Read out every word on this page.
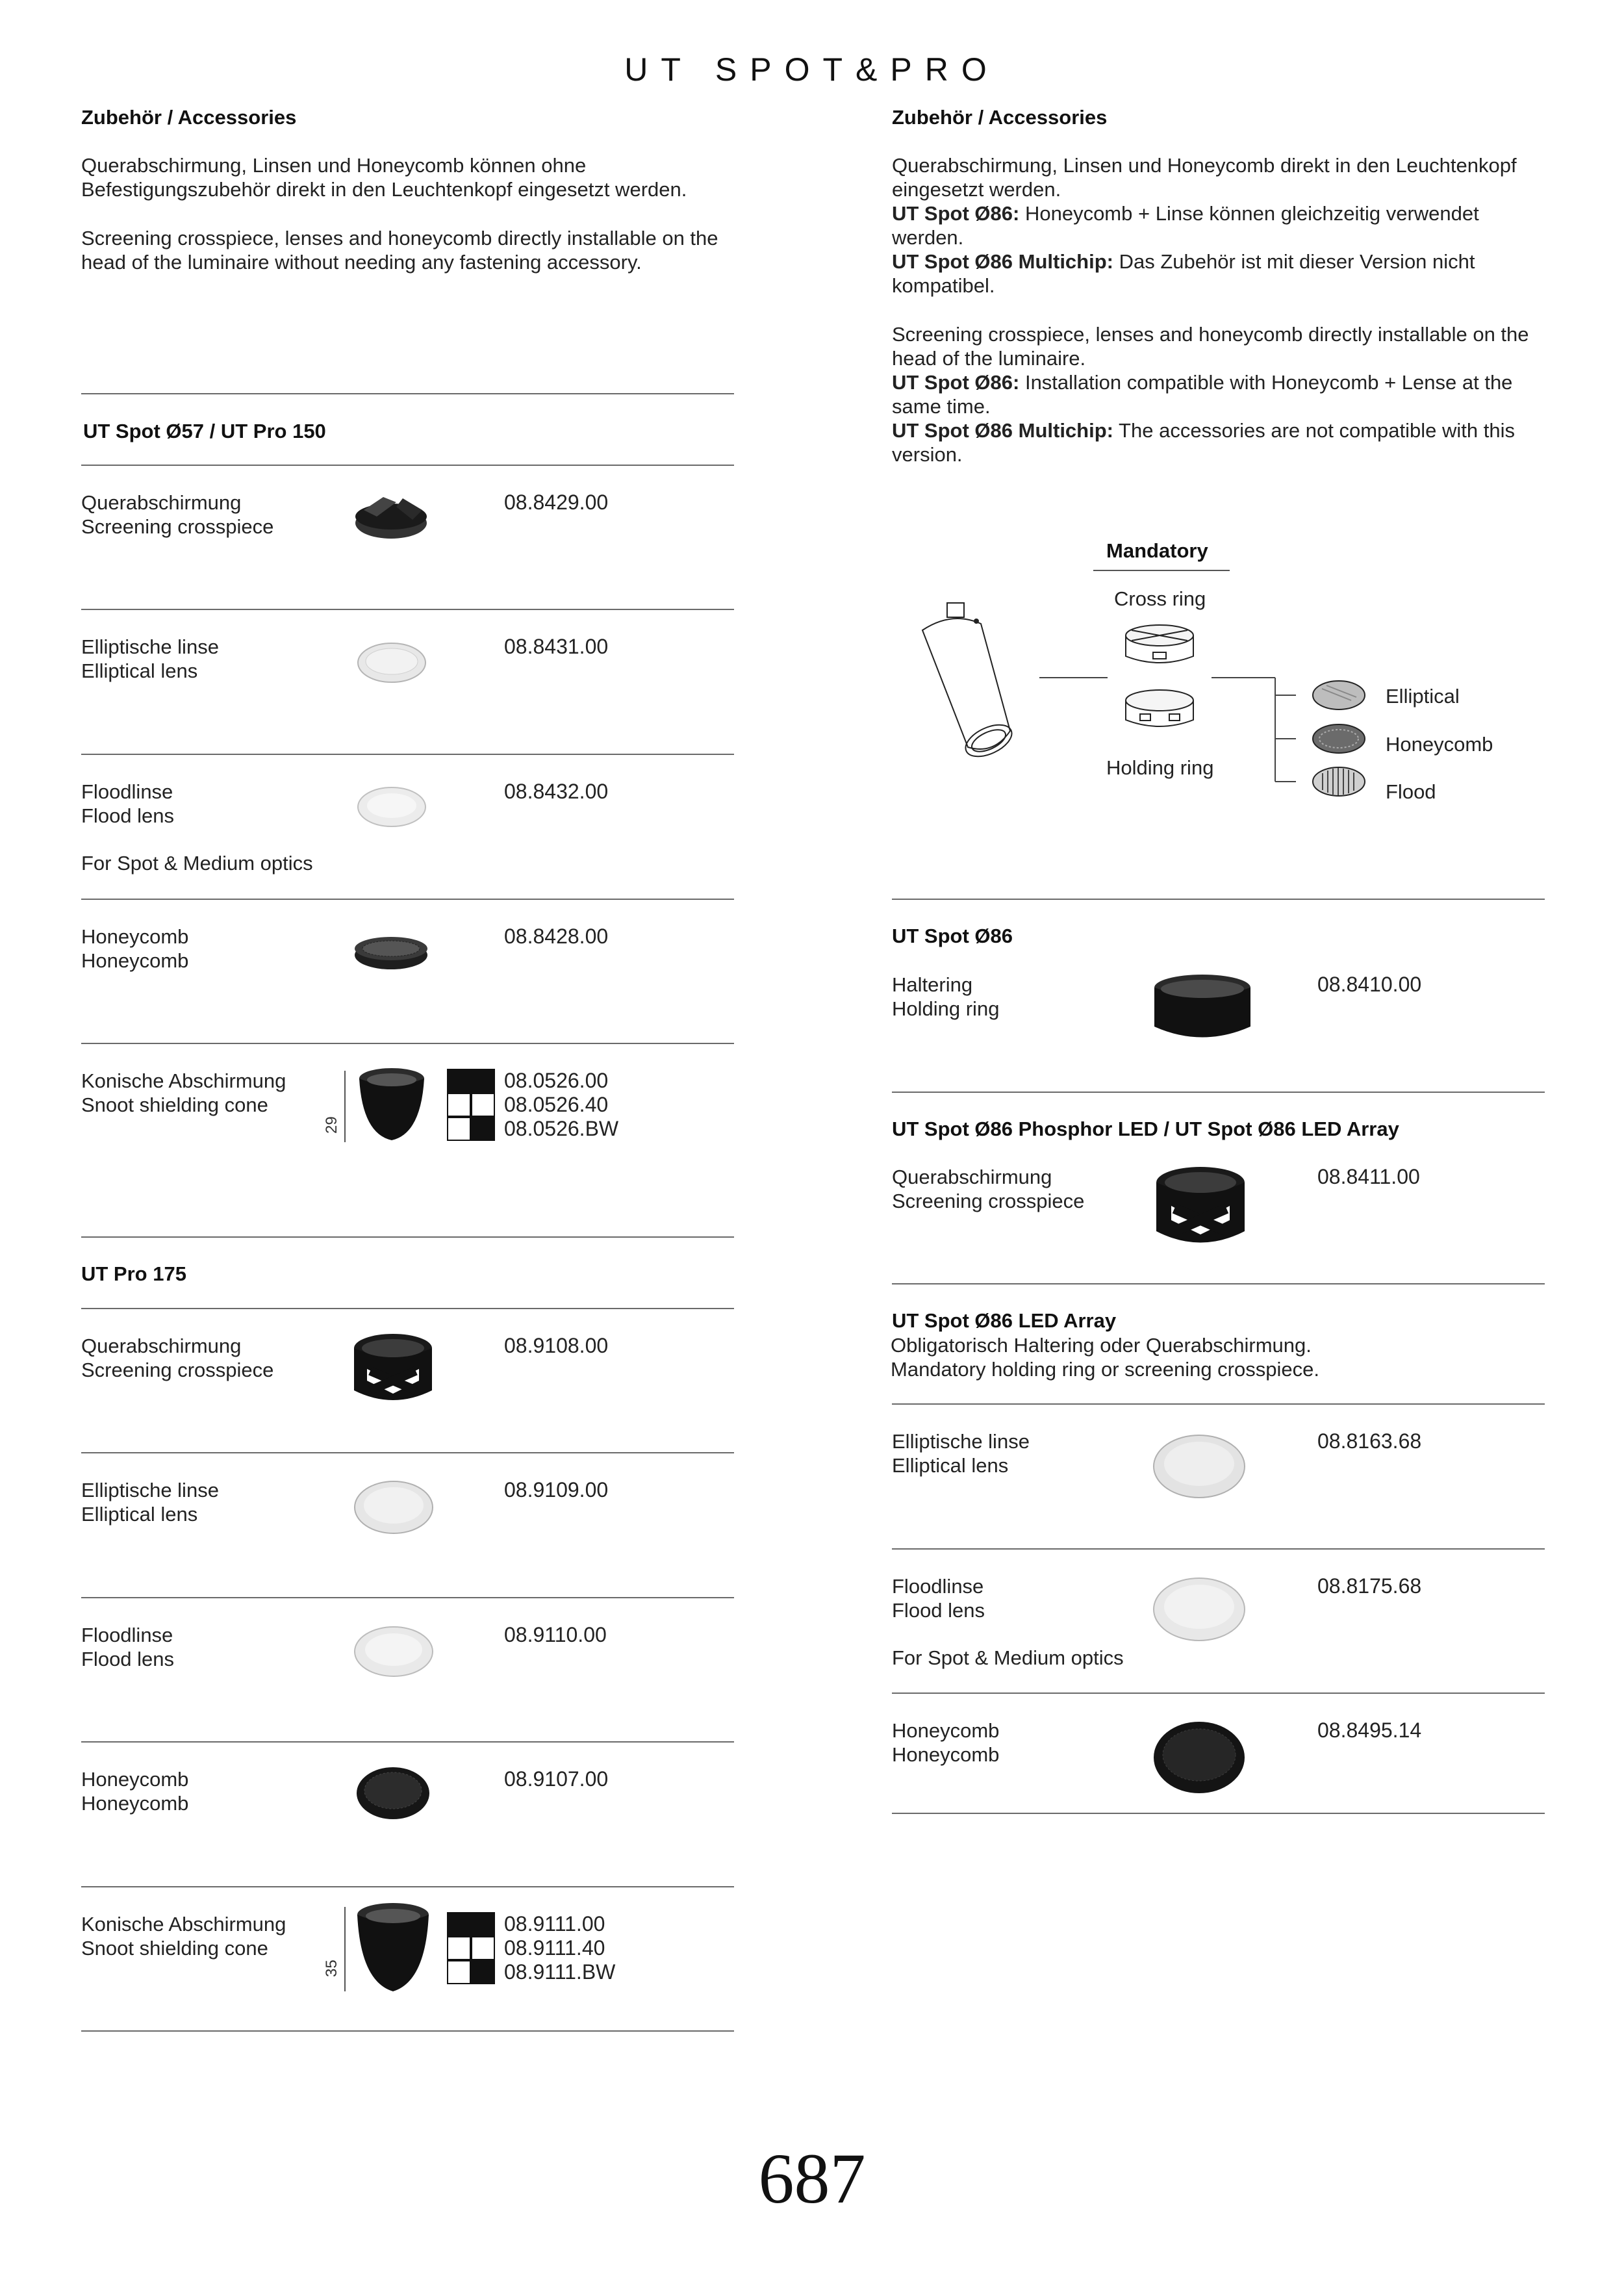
UT SPOT&PRO
Zubehör / Accessories
Querabschirmung, Linsen und Honeycomb können ohne
Befestigungszubehör direkt in den Leuchtenkopf eingesetzt werden.
Screening crosspiece, lenses and honeycomb directly installable on the
head of the luminaire without needing any fastening accessory.
Zubehör / Accessories
Querabschirmung, Linsen und Honeycomb direkt in den Leuchtenkopf
eingesetzt werden.
UT Spot Ø86: Honeycomb + Linse können gleichzeitig verwendet
werden.
UT Spot Ø86 Multichip: Das Zubehör ist mit dieser Version nicht
kompatibel.
Screening crosspiece, lenses and honeycomb directly installable on the
head of the luminaire.
UT Spot Ø86: Installation compatible with Honeycomb + Lense at the
same time.
UT Spot Ø86 Multichip: The accessories are not compatible with this
version.
Mandatory
Cross ring
Holding ring
Elliptical
Honeycomb
Flood
UT Spot Ø57 / UT Pro 150
Querabschirmung
Screening crosspiece
08.8429.00
Elliptische linse
Elliptical lens
08.8431.00
Floodlinse
Flood lens
For Spot & Medium optics
08.8432.00
Honeycomb
Honeycomb
08.8428.00
Konische Abschirmung
Snoot shielding cone
29
08.0526.00
08.0526.40
08.0526.BW
UT Pro 175
Querabschirmung
Screening crosspiece
08.9108.00
Elliptische linse
Elliptical lens
08.9109.00
Floodlinse
Flood lens
08.9110.00
Honeycomb
Honeycomb
08.9107.00
Konische Abschirmung
Snoot shielding cone
35
08.9111.00
08.9111.40
08.9111.BW
UT Spot Ø86
Haltering
Holding ring
08.8410.00
UT Spot Ø86 Phosphor LED / UT Spot Ø86 LED Array
Querabschirmung
Screening crosspiece
08.8411.00
UT Spot Ø86 LED Array
Obligatorisch Haltering oder Querabschirmung.
Mandatory holding ring or screening crosspiece.
Elliptische linse
Elliptical lens
08.8163.68
Floodlinse
Flood lens
For Spot & Medium optics
08.8175.68
Honeycomb
Honeycomb
08.8495.14
687
